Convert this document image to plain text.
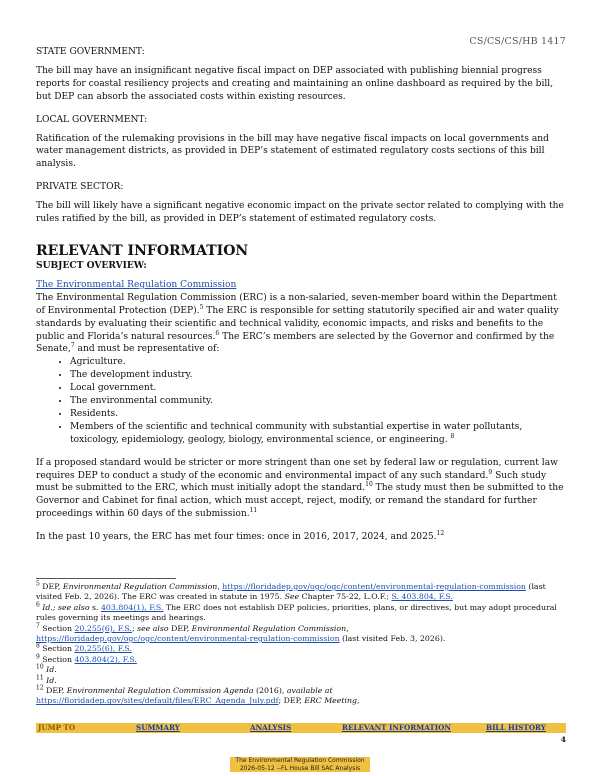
CS/CS/CS/HB 1417

STATE GOVERNMENT:

The bill may have an insignificant negative fiscal impact on DEP associated with publishing biennial progress reports for coastal resiliency projects and creating and maintaining an online dashboard as required by the bill, but DEP can absorb the associated costs within existing resources.

LOCAL GOVERNMENT:

Ratification of the rulemaking provisions in the bill may have negative fiscal impacts on local governments and water management districts, as provided in DEP’s statement of estimated regulatory costs sections of this bill analysis.

PRIVATE SECTOR:

The bill will likely have a significant negative economic impact on the private sector related to complying with the rules ratified by the bill, as provided in DEP’s statement of estimated regulatory costs.

RELEVANT INFORMATION

SUBJECT OVERVIEW:

The Environmental Regulation Commission

The Environmental Regulation Commission (ERC) is a non-salaried, seven-member board within the Department of Environmental Protection (DEP).$^5$ The ERC is responsible for setting statutorily specified air and water quality standards by evaluating their scientific and technical validity, economic impacts, and risks and benefits to the public and Florida’s natural resources.$^6$ The ERC’s members are selected by the Governor and confirmed by the Senate,$^7$ and must be representative of:

• Agriculture.
• The development industry.
• Local government.
• The environmental community.
• Residents.
• Members of the scientific and technical community with substantial expertise in water pollutants, toxicology, epidemiology, geology, biology, environmental science, or engineering. $^8$

If a proposed standard would be stricter or more stringent than one set by federal law or regulation, current law requires DEP to conduct a study of the economic and environmental impact of any such standard.$^9$ Such study must be submitted to the ERC, which must initially adopt the standard.$^{10}$ The study must then be submitted to the Governor and Cabinet for final action, which must accept, reject, modify, or remand the standard for further proceedings within 60 days of the submission.$^{11}$

In the past 10 years, the ERC has met four times: once in 2016, 2017, 2024, and 2025.12

$^5$ DEP, Environmental Regulation Commission, https://floridadep.gov/ogc/ogc/content/environmental-regulation-commission (last visited Feb. 2, 2026). The ERC was created in statute in 1975. See Chapter 75-22, L.O.F.; S. 403.804, F.S.

$^6$ Id.; see also s. 403.804(1), F.S. The ERC does not establish DEP policies, priorities, plans, or directives, but may adopt procedural rules governing its meetings and hearings.

$^7$ Section 20.255(6), F.S.; see also DEP, Environmental Regulation Commission,
https://floridadep.gov/ogc/ogc/content/environmental-regulation-commission (last visited Feb. 3, 2026).

$^8$ Section 20.255(6), F.S.

$^9$ Section 403.804(2), F.S.

$^{10}$ Id.

$^{11}$ Id.

$^{12}$ DEP, Environmental Regulation Commission Agenda (2016), available at
https://floridadep.gov/sites/default/files/ERC_Agenda_July.pdf; DEP, ERC Meeting,

JUMP TO	SUMMARY	ANALYSIS	RELEVANT INFORMATION	BILL HISTORY
4
The Environmental Regulation Commission
2026-05-12 --FL House Bill SAC Analysis
